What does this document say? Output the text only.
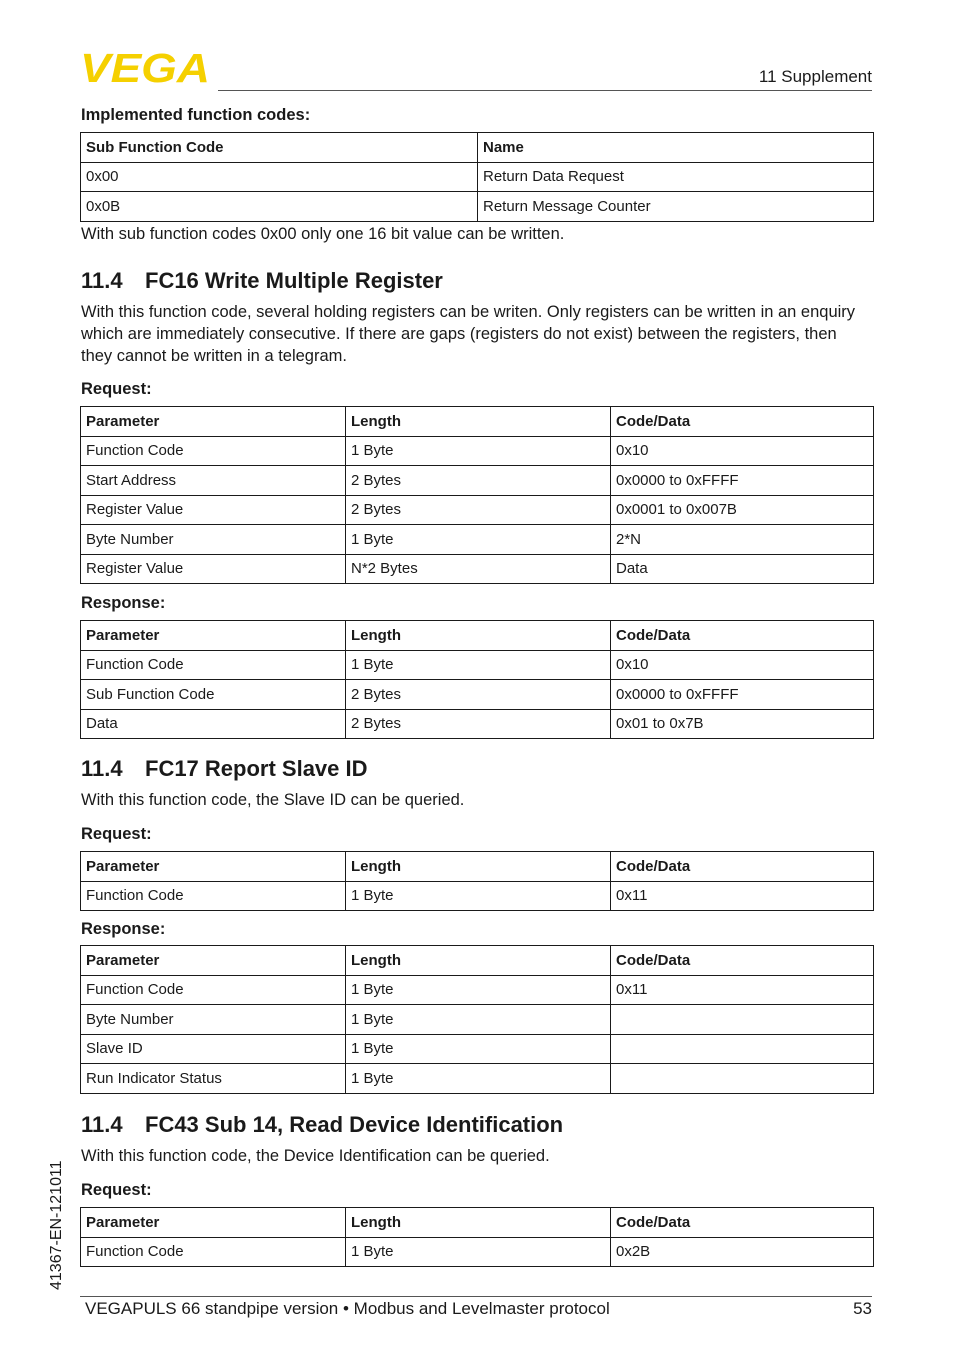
VEGA	11 Supplement
Implemented function codes:
Sub Function Code	Name
0x00	Return Data Request
0x0B	Return Message Counter

With sub function codes 0x00 only one 16 bit value can be written.

11.4 FC16 Write Multiple Register

With this function code, several holding registers can be writen. Only registers can be written in an enquiry which are immediately consecutive. If there are gaps (registers do not exist) between the registers, then they cannot be written in a telegram.

Request:
Parameter	Length	Code/Data
Function Code	1 Byte	0x10
Start Address	2 Bytes	0x0000 to 0xFFFF
Register Value	2 Bytes	0x0001 to 0x007B
Byte Number	1 Byte	2*N
Register Value	N*2 Bytes	Data
Response:
Parameter	Length	Code/Data
Function Code	1 Byte	0x10
Sub Function Code	2 Bytes	0x0000 to 0xFFFF
Data	2 Bytes	0x01 to 0x7B
11.4 FC17 Report Slave ID

With this function code, the Slave ID can be queried.

Request:
Parameter	Length	Code/Data
Function Code	1 Byte	0x11
Response:
Parameter	Length	Code/Data
Function Code	1 Byte	0x11
Byte Number	1 Byte	
Slave ID	1 Byte	
Run Indicator Status	1 Byte	
11.4 FC43 Sub 14, Read Device Identification

With this function code, the Device Identification can be queried.

Request:
Parameter	Length	Code/Data
Function Code	1 Byte	0x2B
41367-EN-121011
VEGAPULS 66 standpipe version • Modbus and Levelmaster protocol	53
